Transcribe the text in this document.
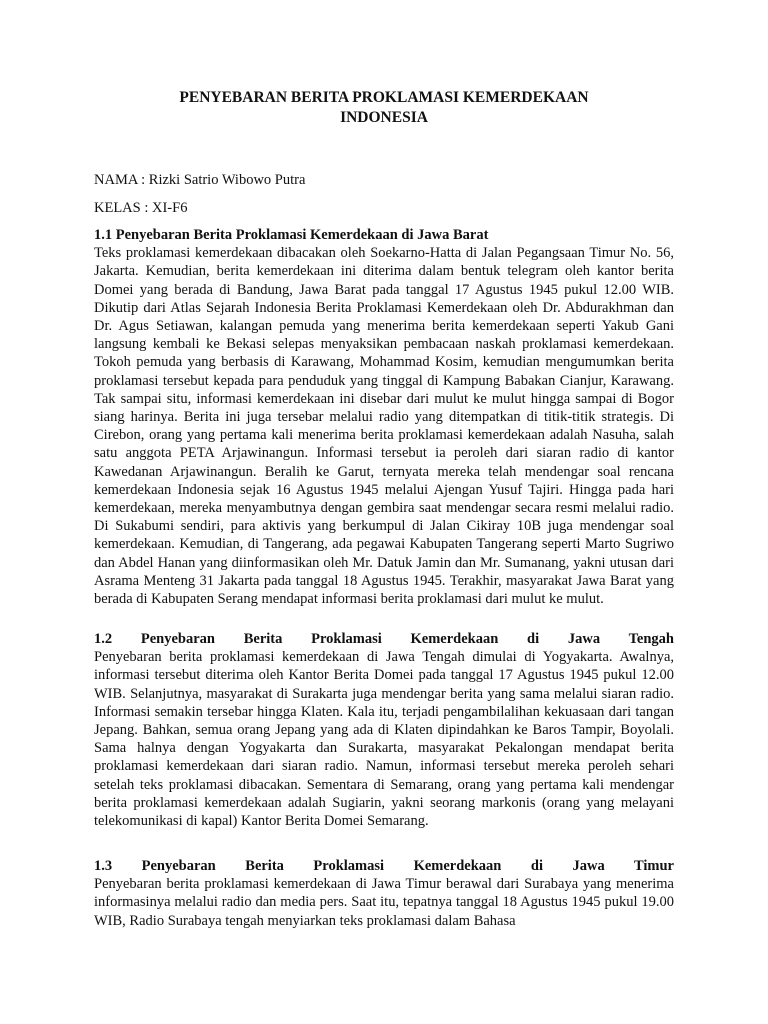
PENYEBARAN BERITA PROKLAMASI KEMERDEKAAN
INDONESIA

NAMA : Rizki Satrio Wibowo Putra

KELAS : XI-F6

1.1 Penyebaran Berita Proklamasi Kemerdekaan di Jawa Barat

Teks proklamasi kemerdekaan dibacakan oleh Soekarno-Hatta di Jalan Pegangsaan Timur No. 56, Jakarta. Kemudian, berita kemerdekaan ini diterima dalam bentuk telegram oleh kantor berita Domei yang berada di Bandung, Jawa Barat pada tanggal 17 Agustus 1945 pukul 12.00 WIB. Dikutip dari Atlas Sejarah Indonesia Berita Proklamasi Kemerdekaan oleh Dr. Abdurakhman dan Dr. Agus Setiawan, kalangan pemuda yang menerima berita kemerdekaan seperti Yakub Gani langsung kembali ke Bekasi selepas menyaksikan pembacaan naskah proklamasi kemerdekaan. Tokoh pemuda yang berbasis di Karawang, Mohammad Kosim, kemudian mengumumkan berita proklamasi tersebut kepada para penduduk yang tinggal di Kampung Babakan Cianjur, Karawang. Tak sampai situ, informasi kemerdekaan ini disebar dari mulut ke mulut hingga sampai di Bogor siang harinya. Berita ini juga tersebar melalui radio yang ditempatkan di titik-titik strategis. Di Cirebon, orang yang pertama kali menerima berita proklamasi kemerdekaan adalah Nasuha, salah satu anggota PETA Arjawinangun. Informasi tersebut ia peroleh dari siaran radio di kantor Kawedanan Arjawinangun. Beralih ke Garut, ternyata mereka telah mendengar soal rencana kemerdekaan Indonesia sejak 16 Agustus 1945 melalui Ajengan Yusuf Tajiri. Hingga pada hari kemerdekaan, mereka menyambutnya dengan gembira saat mendengar secara resmi melalui radio. Di Sukabumi sendiri, para aktivis yang berkumpul di Jalan Cikiray 10B juga mendengar soal kemerdekaan. Kemudian, di Tangerang, ada pegawai Kabupaten Tangerang seperti Marto Sugriwo dan Abdel Hanan yang diinformasikan oleh Mr. Datuk Jamin dan Mr. Sumanang, yakni utusan dari Asrama Menteng 31 Jakarta pada tanggal 18 Agustus 1945. Terakhir, masyarakat Jawa Barat yang berada di Kabupaten Serang mendapat informasi berita proklamasi dari mulut ke mulut.

1.2 Penyebaran Berita Proklamasi Kemerdekaan di Jawa Tengah

Penyebaran berita proklamasi kemerdekaan di Jawa Tengah dimulai di Yogyakarta. Awalnya, informasi tersebut diterima oleh Kantor Berita Domei pada tanggal 17 Agustus 1945 pukul 12.00 WIB. Selanjutnya, masyarakat di Surakarta juga mendengar berita yang sama melalui siaran radio. Informasi semakin tersebar hingga Klaten. Kala itu, terjadi pengambilalihan kekuasaan dari tangan Jepang. Bahkan, semua orang Jepang yang ada di Klaten dipindahkan ke Baros Tampir, Boyolali. Sama halnya dengan Yogyakarta dan Surakarta, masyarakat Pekalongan mendapat berita proklamasi kemerdekaan dari siaran radio. Namun, informasi tersebut mereka peroleh sehari setelah teks proklamasi dibacakan. Sementara di Semarang, orang yang pertama kali mendengar berita proklamasi kemerdekaan adalah Sugiarin, yakni seorang markonis (orang yang melayani telekomunikasi di kapal) Kantor Berita Domei Semarang.

1.3 Penyebaran Berita Proklamasi Kemerdekaan di Jawa Timur

Penyebaran berita proklamasi kemerdekaan di Jawa Timur berawal dari Surabaya yang menerima informasinya melalui radio dan media pers. Saat itu, tepatnya tanggal 18 Agustus 1945 pukul 19.00 WIB, Radio Surabaya tengah menyiarkan teks proklamasi dalam Bahasa
